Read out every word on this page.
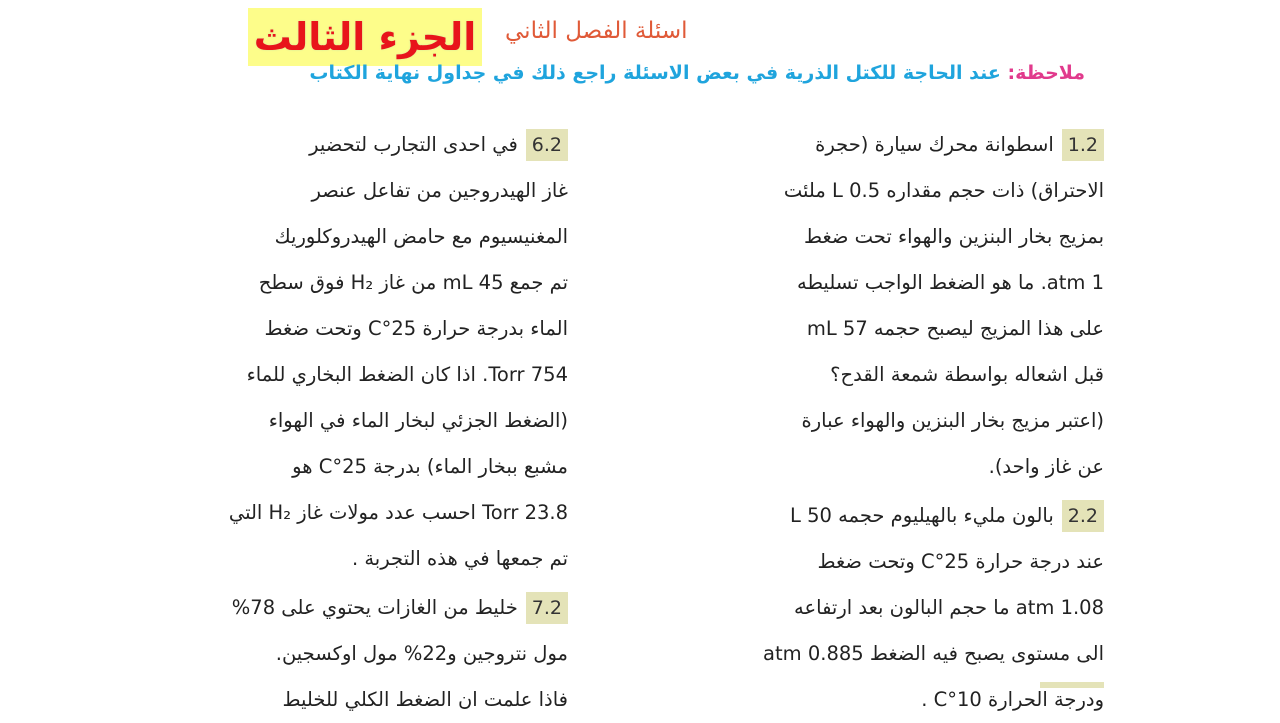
الجزء الثالث اسئلة الفصل الثاني
ملاحظة: عند الحاجة للكتل الذرية في بعض الاسئلة راجع ذلك في جداول نهاية الكتاب

1.2اسطوانة محرك سيارة (حجرة

الاحتراق) ذات حجم مقداره 0.5 L ملئت

بمزيج بخار البنزين والهواء تحت ضغط

1 atm. ما هو الضغط الواجب تسليطه

على هذا المزيج ليصبح حجمه 57 mL

قبل اشعاله بواسطة شمعة القدح؟

(اعتبر مزيج بخار البنزين والهواء عبارة

عن غاز واحد).

2.2بالون مليء بالهيليوم حجمه 50 L

عند درجة حرارة 25°C وتحت ضغط

1.08 atm ما حجم البالون بعد ارتفاعه

الى مستوى يصبح فيه الضغط 0.885 atm

ودرجة الحرارة 10°C .

6.2في احدى التجارب لتحضير

غاز الهيدروجين من تفاعل عنصر

المغنيسيوم مع حامض الهيدروكلوريك

تم جمع 45 mL من غاز H₂ فوق سطح

الماء بدرجة حرارة 25°C وتحت ضغط

754 Torr. اذا كان الضغط البخاري للماء

(الضغط الجزئي لبخار الماء في الهواء

مشبع ببخار الماء) بدرجة 25°C هو

23.8 Torr احسب عدد مولات غاز H₂ التي

تم جمعها في هذه التجربة .

7.2خليط من الغازات يحتوي على 78%

مول نتروجين و22% مول اوكسجين.

فاذا علمت ان الضغط الكلي للخليط
